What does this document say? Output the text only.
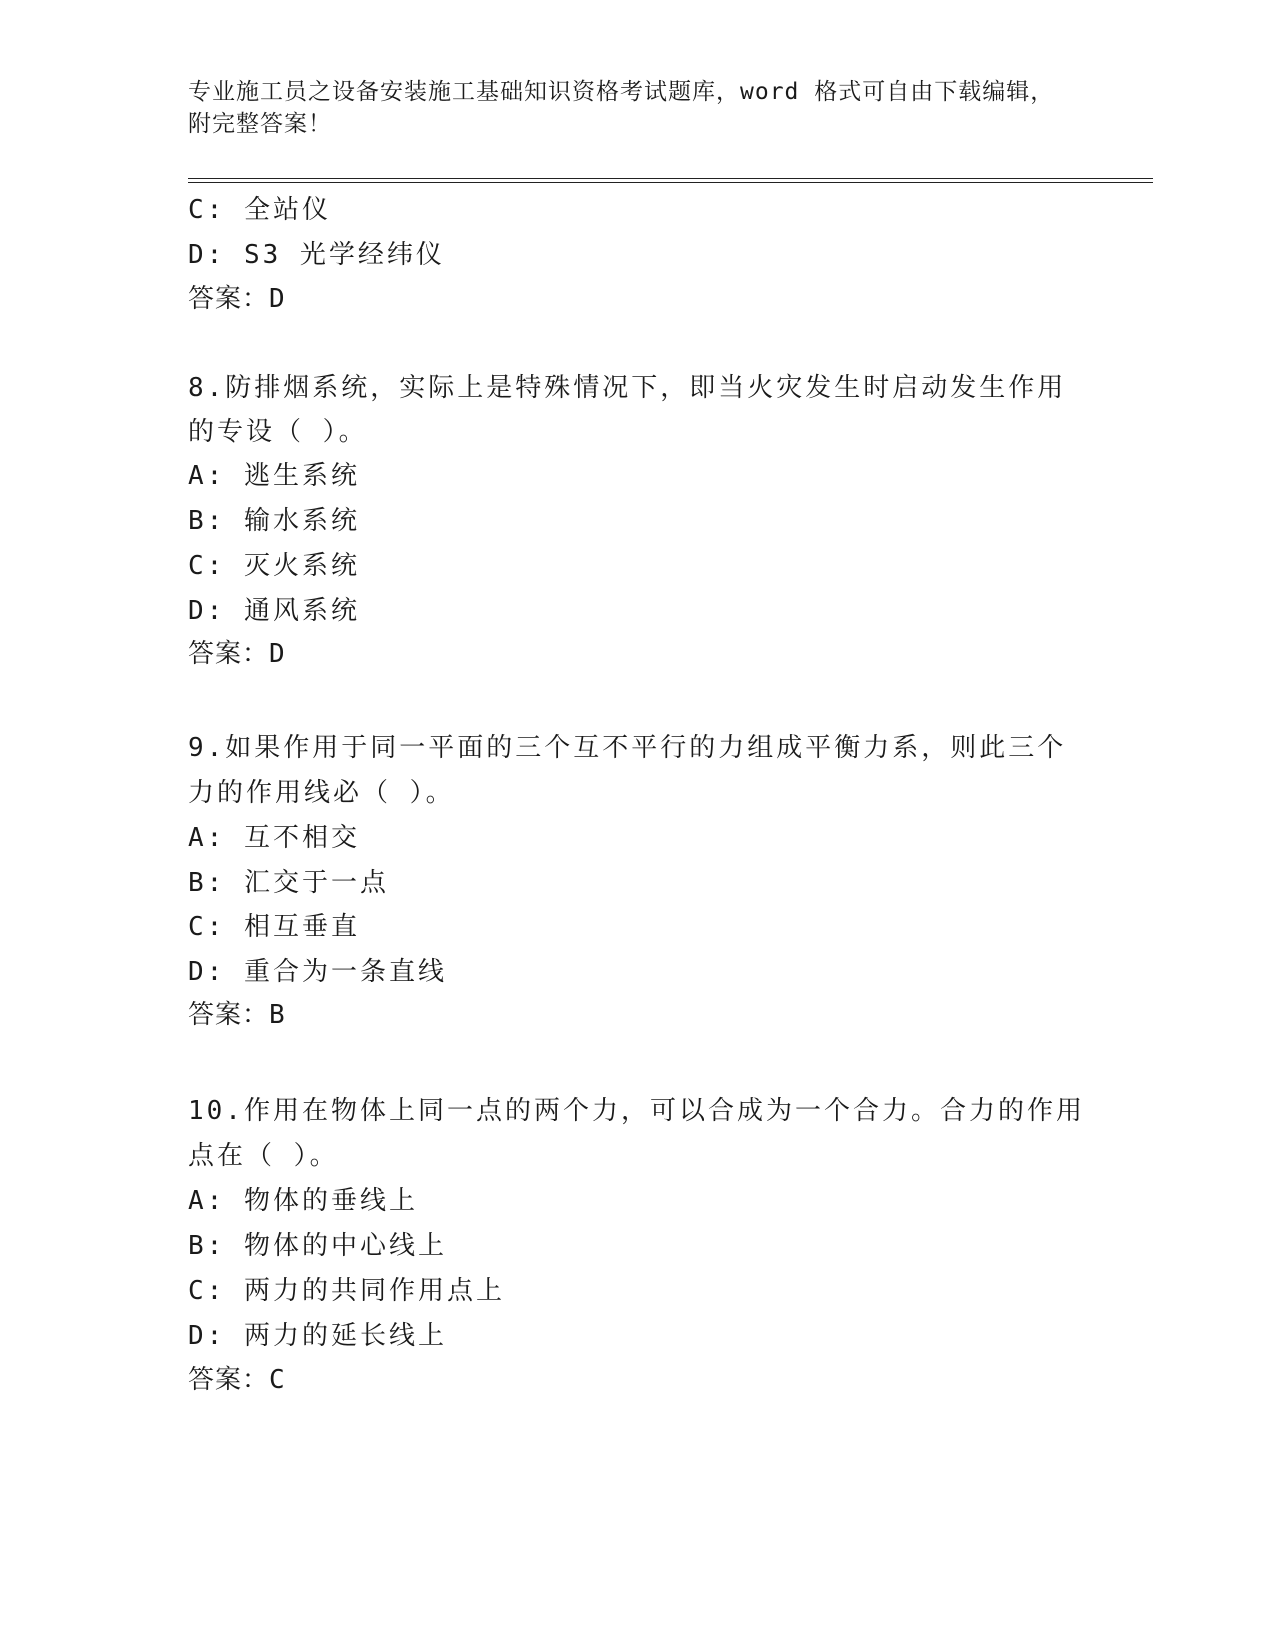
专业施工员之设备安装施工基础知识资格考试题库，word 格式可自由下载编辑，
附完整答案！
C: 全站仪
D: S3 光学经纬仪
答案：D
8.防排烟系统，实际上是特殊情况下，即当火灾发生时启动发生作用
的专设（ ）。
A: 逃生系统
B: 输水系统
C: 灭火系统
D: 通风系统
答案：D
9.如果作用于同一平面的三个互不平行的力组成平衡力系，则此三个
力的作用线必（ ）。
A: 互不相交
B: 汇交于一点
C: 相互垂直
D: 重合为一条直线
答案：B
10.作用在物体上同一点的两个力，可以合成为一个合力。合力的作用
点在（ ）。
A: 物体的垂线上
B: 物体的中心线上
C: 两力的共同作用点上
D: 两力的延长线上
答案：C
